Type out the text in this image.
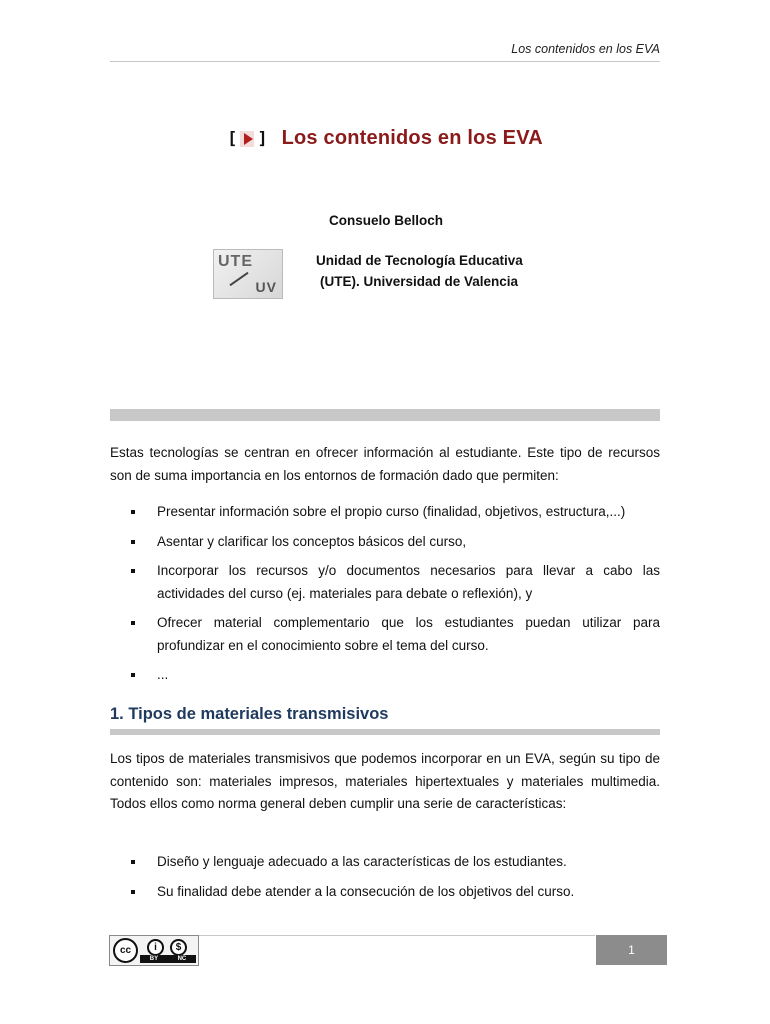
Los contenidos en los EVA
[ ] Los contenidos en los EVA
Consuelo Belloch
UTE
UV
Unidad de Tecnología Educativa
(UTE). Universidad de Valencia
Estas tecnologías se centran en ofrecer información al estudiante. Este tipo de recursos son de suma importancia en los entornos de formación dado que permiten:
Presentar información sobre el propio curso (finalidad, objetivos, estructura,...)
Asentar y clarificar los conceptos básicos del curso,
Incorporar los recursos y/o documentos necesarios para llevar a cabo las actividades del curso (ej. materiales para debate o reflexión), y
Ofrecer material complementario que los estudiantes puedan utilizar para profundizar en el conocimiento sobre el tema del curso.
...
1. Tipos de materiales transmisivos
Los tipos de materiales transmisivos que podemos incorporar en un EVA, según su tipo de contenido son: materiales impresos, materiales hipertextuales y materiales multimedia. Todos ellos como norma general deben cumplir una serie de características:
Diseño y lenguaje adecuado a las características de los estudiantes.
Su finalidad debe atender a la consecución de los objetivos del curso.
cc	i	$
BY	NC
1
